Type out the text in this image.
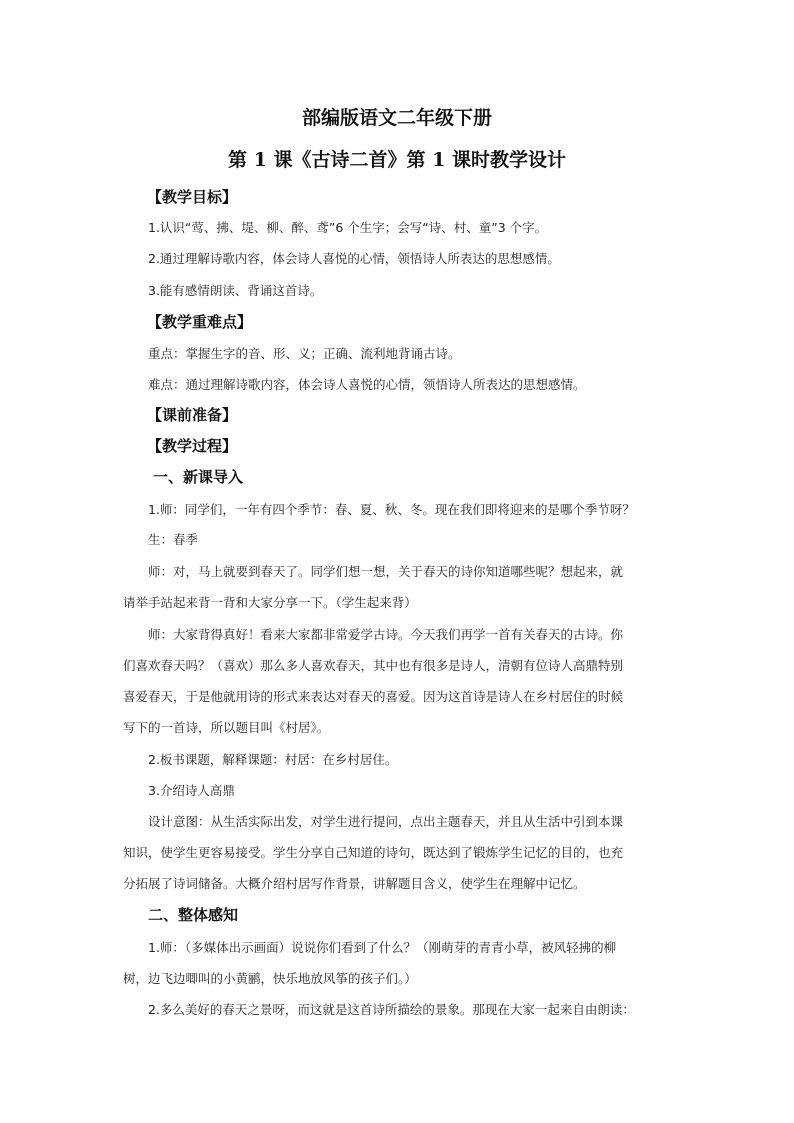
部编版语文二年级下册
第 1 课《古诗二首》第 1 课时教学设计
【教学目标】
1.认识“莺、拂、堤、柳、醉、鸢”6 个生字；会写“诗、村、童”3 个字。
2.通过理解诗歌内容，体会诗人喜悦的心情，领悟诗人所表达的思想感情。
3.能有感情朗读、背诵这首诗。
【教学重难点】
重点：掌握生字的音、形、义；正确、流利地背诵古诗。
难点：通过理解诗歌内容，体会诗人喜悦的心情，领悟诗人所表达的思想感情。
【课前准备】
【教学过程】
一、新课导入
1.师：同学们，一年有四个季节：春、夏、秋、冬。现在我们即将迎来的是哪个季节呀？
生：春季
师：对，马上就要到春天了。同学们想一想，关于春天的诗你知道哪些呢？想起来，就
请举手站起来背一背和大家分享一下。（学生起来背）
师：大家背得真好！看来大家都非常爱学古诗。今天我们再学一首有关春天的古诗。你
们喜欢春天吗？（喜欢）那么多人喜欢春天，其中也有很多是诗人，清朝有位诗人高鼎特别
喜爱春天，于是他就用诗的形式来表达对春天的喜爱。因为这首诗是诗人在乡村居住的时候
写下的一首诗，所以题目叫《村居》。
2.板书课题，解释课题：村居：在乡村居住。
3.介绍诗人高鼎
设计意图：从生活实际出发，对学生进行提问，点出主题春天，并且从生活中引到本课
知识，使学生更容易接受。学生分享自己知道的诗句，既达到了锻炼学生记忆的目的，也充
分拓展了诗词储备。大概介绍村居写作背景，讲解题目含义，使学生在理解中记忆。
二、整体感知
1.师：（多媒体出示画面）说说你们看到了什么？（刚萌芽的青青小草，被风轻拂的柳
树，边飞边唧叫的小黄鹂，快乐地放风筝的孩子们。）
2.多么美好的春天之景呀，而这就是这首诗所描绘的景象。那现在大家一起来自由朗读：
